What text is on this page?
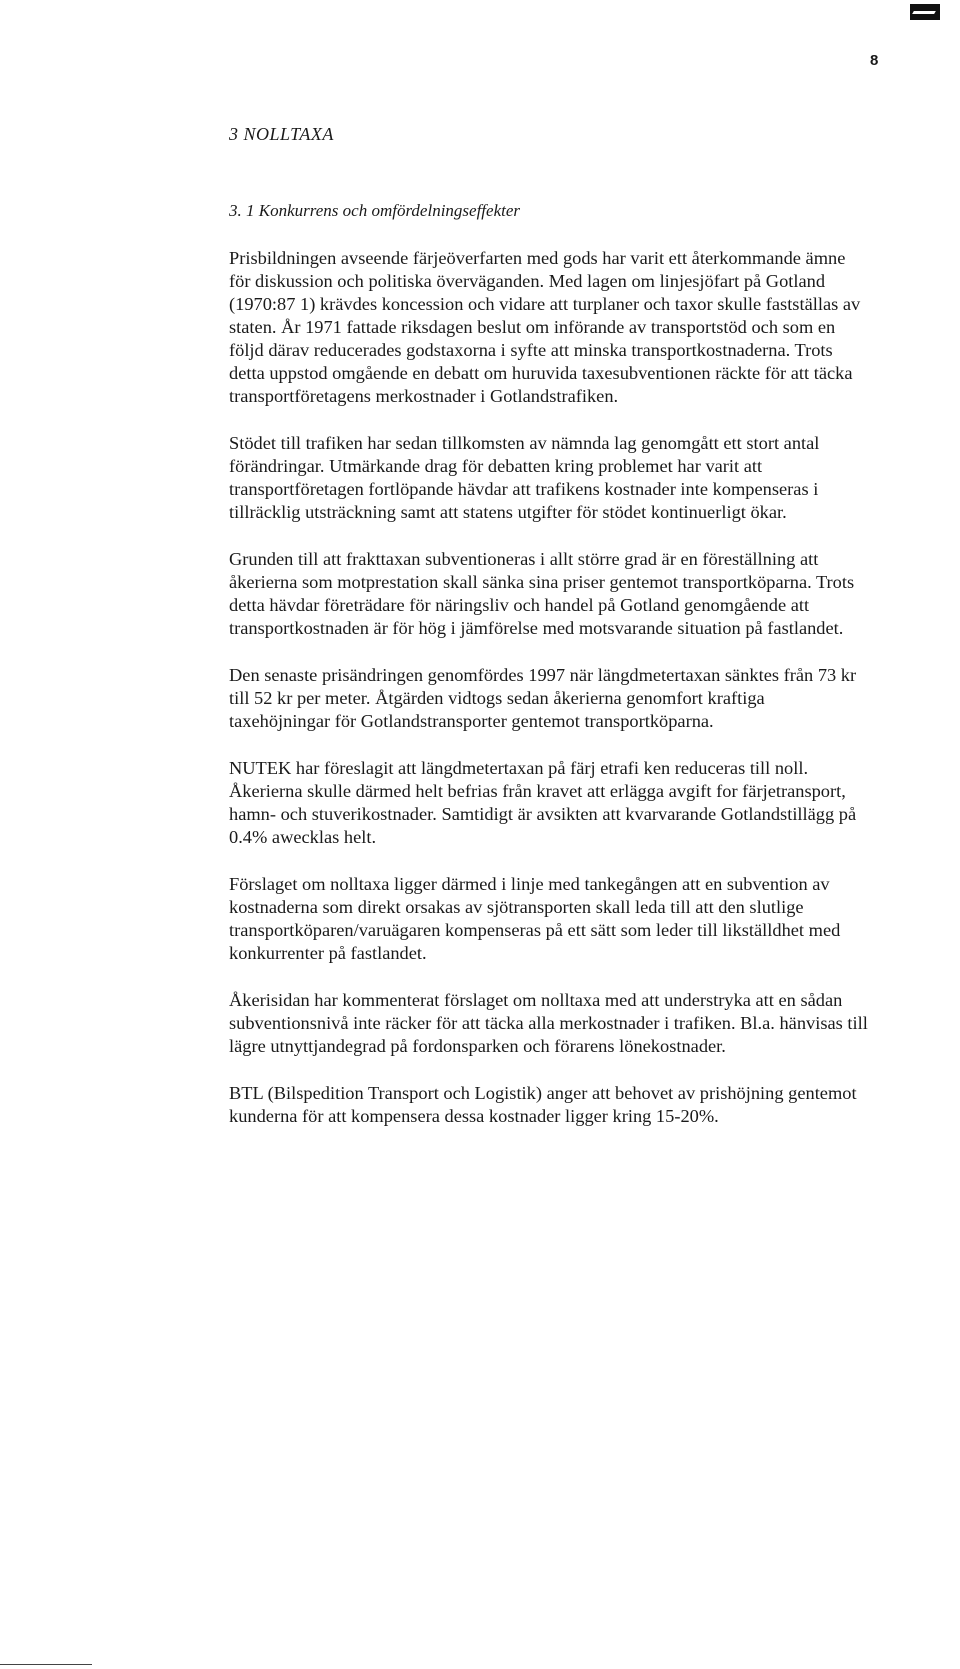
8
3 NOLLTAXA
3. 1 Konkurrens och omfördelningseffekter

Prisbildningen avseende färjeöverfarten med gods har varit ett återkommande ämne för diskussion och politiska överväganden. Med lagen om linjesjöfart på Gotland (1970:87 1) krävdes koncession och vidare att turplaner och taxor skulle fastställas av staten. År 1971 fattade riksdagen beslut om införande av transportstöd och som en följd därav reducerades godstaxorna i syfte att minska transportkostnaderna. Trots detta uppstod omgående en debatt om huruvida taxesubventionen räckte för att täcka transportföretagens merkostnader i Gotlandstrafiken.

Stödet till trafiken har sedan tillkomsten av nämnda lag genomgått ett stort antal förändringar. Utmärkande drag för debatten kring problemet har varit att transportföretagen fortlöpande hävdar att trafikens kostnader inte kompenseras i tillräcklig utsträckning samt att statens utgifter för stödet kontinuerligt ökar.

Grunden till att frakttaxan subventioneras i allt större grad är en föreställning att åkerierna som motprestation skall sänka sina priser gentemot transportköparna. Trots detta hävdar företrädare för näringsliv och handel på Gotland genomgående att transportkostnaden är för hög i jämförelse med motsvarande situation på fastlandet.

Den senaste prisändringen genomfördes 1997 när längdmetertaxan sänktes från 73 kr till 52 kr per meter. Åtgärden vidtogs sedan åkerierna genomfort kraftiga taxehöjningar för Gotlandstransporter gentemot transportköparna.

NUTEK har föreslagit att längdmetertaxan på färj etrafi ken reduceras till noll. Åkerierna skulle därmed helt befrias från kravet att erlägga avgift for färjetransport, hamn- och stuverikostnader. Samtidigt är avsikten att kvarvarande Gotlandstillägg på 0.4% awecklas helt.

Förslaget om nolltaxa ligger därmed i linje med tankegången att en subvention av kostnaderna som direkt orsakas av sjötransporten skall leda till att den slutlige transportköparen/varuägaren kompenseras på ett sätt som leder till likställdhet med konkurrenter på fastlandet.

Åkerisidan har kommenterat förslaget om nolltaxa med att understryka att en sådan subventionsnivå inte räcker för att täcka alla merkostnader i trafiken. Bl.a. hänvisas till lägre utnyttjandegrad på fordonsparken och förarens lönekostnader.

BTL (Bilspedition Transport och Logistik) anger att behovet av prishöjning gentemot kunderna för att kompensera dessa kostnader ligger kring 15-20%.
